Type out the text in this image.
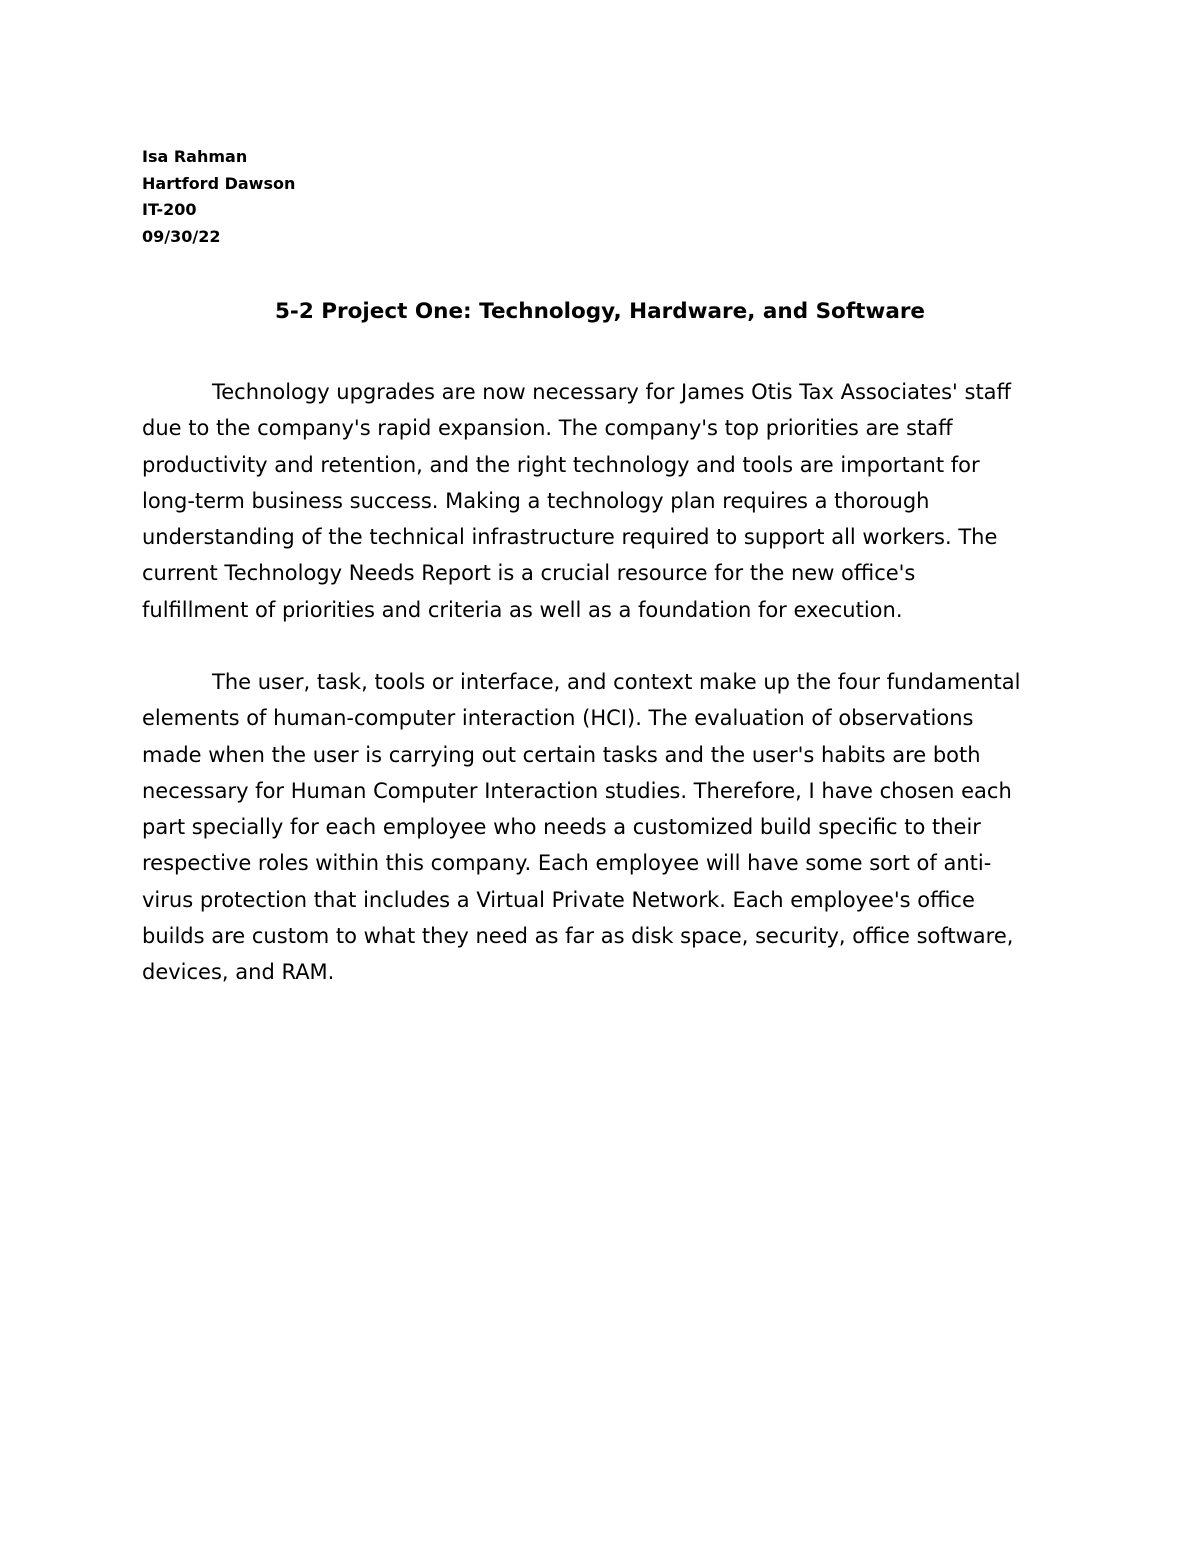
Isa Rahman
Hartford Dawson
IT-200
09/30/22
5-2 Project One: Technology, Hardware, and Software
Technology upgrades are now necessary for James Otis Tax Associates' staff
due to the company's rapid expansion. The company's top priorities are staff
productivity and retention, and the right technology and tools are important for
long-term business success. Making a technology plan requires a thorough
understanding of the technical infrastructure required to support all workers. The
current Technology Needs Report is a crucial resource for the new office's
fulfillment of priorities and criteria as well as a foundation for execution.
The user, task, tools or interface, and context make up the four fundamental
elements of human-computer interaction (HCI). The evaluation of observations
made when the user is carrying out certain tasks and the user's habits are both
necessary for Human Computer Interaction studies. Therefore, I have chosen each
part specially for each employee who needs a customized build specific to their
respective roles within this company. Each employee will have some sort of anti-
virus protection that includes a Virtual Private Network. Each employee's office
builds are custom to what they need as far as disk space, security, office software,
devices, and RAM.
